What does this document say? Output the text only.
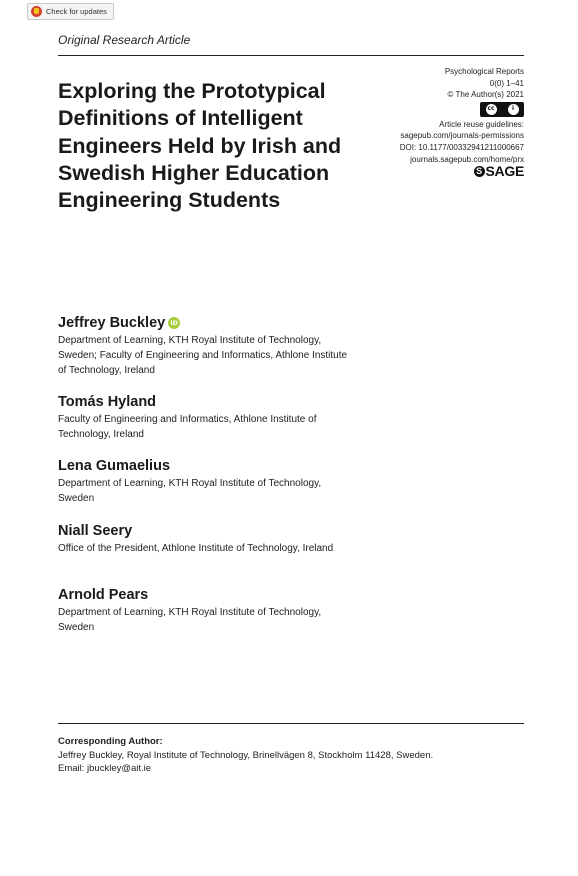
Check for updates
Original Research Article
Exploring the Prototypical Definitions of Intelligent Engineers Held by Irish and Swedish Higher Education Engineering Students
Psychological Reports
0(0) 1–41
© The Author(s) 2021
cc	i
Article reuse guidelines:
sagepub.com/journals-permissions
DOI: 10.1177/00332941211000667
journals.sagepub.com/home/prx
S SAGE
Jeffrey Buckley iD
Department of Learning, KTH Royal Institute of Technology, Sweden; Faculty of Engineering and Informatics, Athlone Institute of Technology, Ireland
Tomás Hyland
Faculty of Engineering and Informatics, Athlone Institute of Technology, Ireland
Lena Gumaelius
Department of Learning, KTH Royal Institute of Technology, Sweden
Niall Seery
Office of the President, Athlone Institute of Technology, Ireland
Arnold Pears
Department of Learning, KTH Royal Institute of Technology, Sweden
Corresponding Author:
Jeffrey Buckley, Royal Institute of Technology, Brinellvägen 8, Stockholm 11428, Sweden.
Email: jbuckley@ait.ie
